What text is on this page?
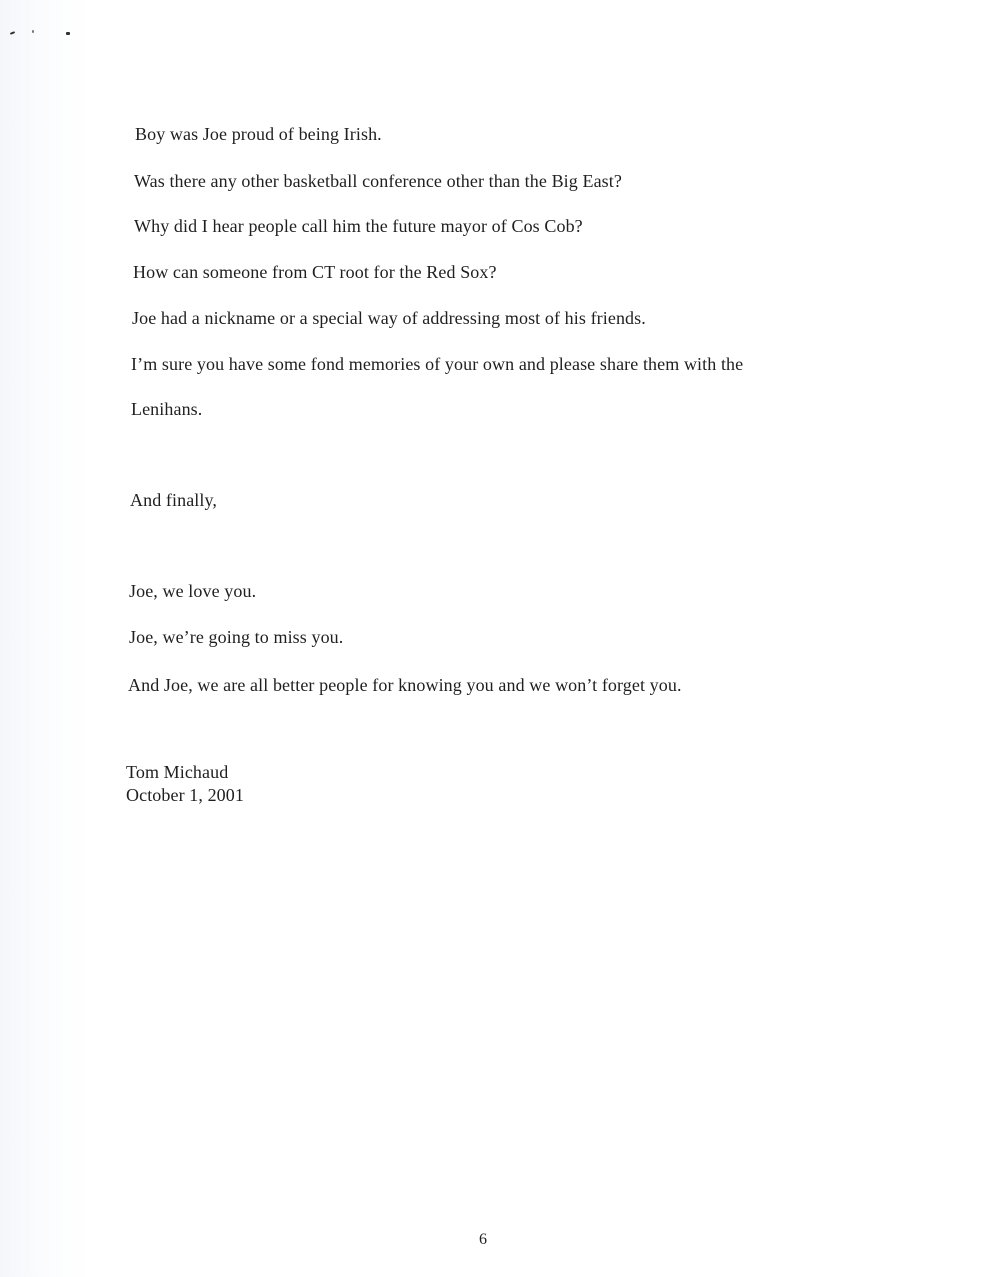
Boy was Joe proud of being Irish.
Was there any other basketball conference other than the Big East?
Why did I hear people call him the future mayor of Cos Cob?
How can someone from CT root for the Red Sox?
Joe had a nickname or a special way of addressing most of his friends.
I’m sure you have some fond memories of your own and please share them with the
Lenihans.
And finally,
Joe, we love you.
Joe, we’re going to miss you.
And Joe, we are all better people for knowing you and we won’t forget you.
Tom Michaud
October 1, 2001
6
